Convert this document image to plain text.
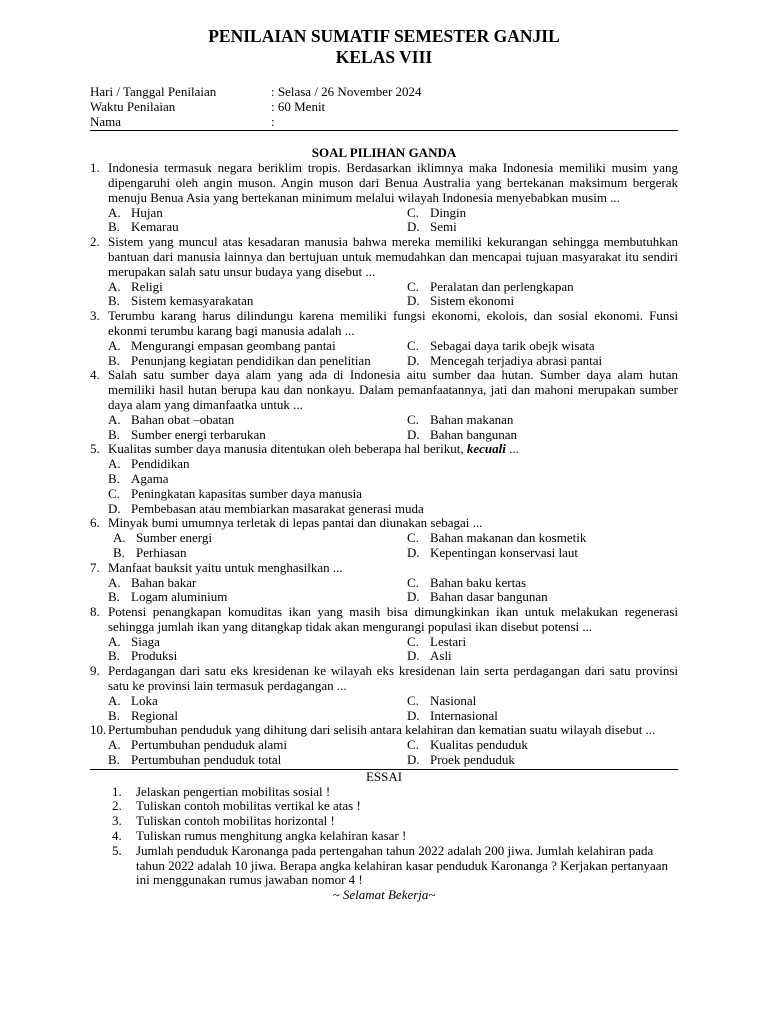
PENILAIAN SUMATIF SEMESTER GANJIL
KELAS VIII
Hari / Tanggal Penilaian	: Selasa / 26 November 2024
Waktu Penilaian	: 60 Menit
Nama	:
SOAL PILIHAN GANDA
1. Indonesia termasuk negara beriklim tropis. Berdasarkan iklimnya maka Indonesia memiliki musim yang dipengaruhi oleh angin muson. Angin muson dari Benua Australia yang bertekanan maksimum bergerak menuju Benua Asia yang bertekanan minimum melalui wilayah Indonesia menyebabkan musim ...
A. Hujan	C. Dingin
B. Kemarau	D. Semi
2. Sistem yang muncul atas kesadaran manusia bahwa mereka memiliki kekurangan sehingga membutuhkan bantuan dari manusia lainnya dan bertujuan untuk memudahkan dan mencapai tujuan masyarakat itu sendiri merupakan salah satu unsur budaya yang disebut ...
A. Religi	C. Peralatan dan perlengkapan
B. Sistem kemasyarakatan	D. Sistem ekonomi
3. Terumbu karang harus dilindungu karena memiliki fungsi ekonomi, ekolois, dan sosial ekonomi. Funsi ekonmi terumbu karang bagi manusia adalah ...
A. Mengurangi empasan geombang pantai	C. Sebagai daya tarik obejk wisata
B. Penunjang kegiatan pendidikan dan penelitian	D. Mencegah terjadiya abrasi pantai
4. Salah satu sumber daya alam yang ada di Indonesia aitu sumber daa hutan. Sumber daya alam hutan memiliki hasil hutan berupa kau dan nonkayu. Dalam pemanfaatannya, jati dan mahoni merupakan sumber daya alam yang dimanfaatka untuk ...
A. Bahan obat –obatan	C. Bahan makanan
B. Sumber energi terbarukan	D. Bahan bangunan
5. Kualitas sumber daya manusia ditentukan oleh beberapa hal berikut, kecuali ...
A. Pendidikan
B. Agama
C. Peningkatan kapasitas sumber daya manusia
D. Pembebasan atau membiarkan masarakat generasi muda
6. Minyak bumi umumnya terletak di lepas pantai dan diunakan sebagai ...
A. Sumber energi	C. Bahan makanan dan kosmetik
B. Perhiasan	D. Kepentingan konservasi laut
7. Manfaat bauksit yaitu untuk menghasilkan ...
A. Bahan bakar	C. Bahan baku kertas
B. Logam aluminium	D. Bahan dasar bangunan
8. Potensi penangkapan komuditas ikan yang masih bisa dimungkinkan ikan untuk melakukan regenerasi sehingga jumlah ikan yang ditangkap tidak akan mengurangi populasi ikan disebut potensi ...
A. Siaga	C. Lestari
B. Produksi	D. Asli
9. Perdagangan dari satu eks kresidenan ke wilayah eks kresidenan lain serta perdagangan dari satu provinsi satu ke provinsi lain termasuk perdagangan ...
A. Loka	C. Nasional
B. Regional	D. Internasional
10. Pertumbuhan penduduk yang dihitung dari selisih antara kelahiran dan kematian suatu wilayah disebut ...
A. Pertumbuhan penduduk alami	C. Kualitas penduduk
B. Pertumbuhan penduduk total	D. Proek penduduk
ESSAI
1.	Jelaskan pengertian mobilitas sosial !
2.	Tuliskan contoh mobilitas vertikal ke atas !
3.	Tuliskan contoh mobilitas horizontal !
4.	Tuliskan rumus menghitung angka kelahiran kasar !
5.	Jumlah penduduk Karonanga pada pertengahan tahun 2022 adalah 200 jiwa. Jumlah kelahiran pada tahun 2022 adalah 10 jiwa. Berapa angka kelahiran kasar penduduk Karonanga ? Kerjakan pertanyaan ini menggunakan rumus jawaban nomor 4 !
~ Selamat Bekerja~
